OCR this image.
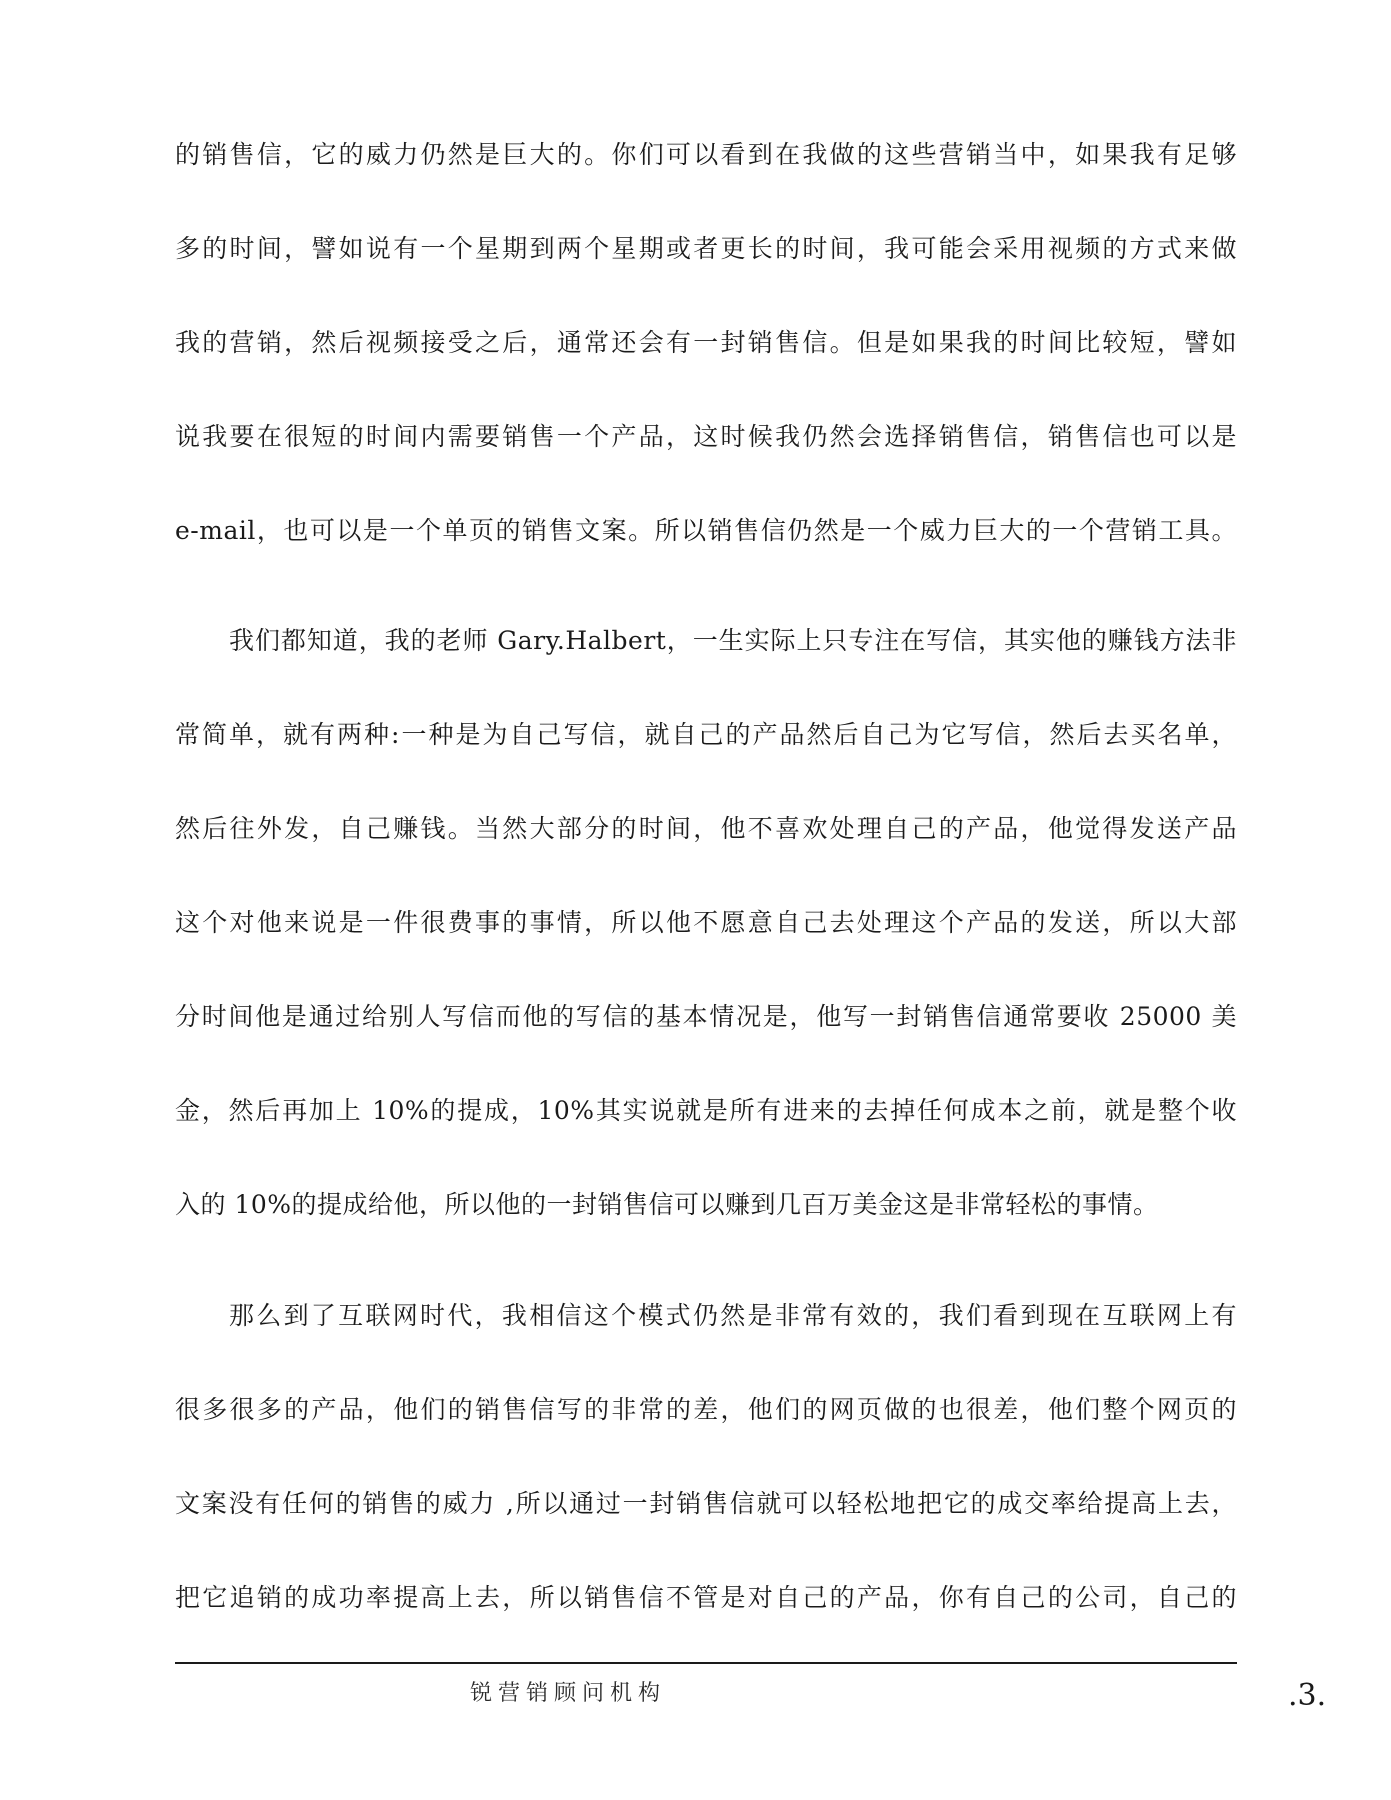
的销售信，它的威力仍然是巨大的。你们可以看到在我做的这些营销当中，如果我有足够
多的时间，譬如说有一个星期到两个星期或者更长的时间，我可能会采用视频的方式来做
我的营销，然后视频接受之后，通常还会有一封销售信。但是如果我的时间比较短，譬如
说我要在很短的时间内需要销售一个产品，这时候我仍然会选择销售信，销售信也可以是
e-mail，也可以是一个单页的销售文案。所以销售信仍然是一个威力巨大的一个营销工具。
我们都知道，我的老师 Gary.Halbert，一生实际上只专注在写信，其实他的赚钱方法非
常简单，就有两种:一种是为自己写信，就自己的产品然后自己为它写信，然后去买名单，
然后往外发，自己赚钱。当然大部分的时间，他不喜欢处理自己的产品，他觉得发送产品
这个对他来说是一件很费事的事情，所以他不愿意自己去处理这个产品的发送，所以大部
分时间他是通过给别人写信而他的写信的基本情况是，他写一封销售信通常要收 25000 美
金，然后再加上 10%的提成，10%其实说就是所有进来的去掉任何成本之前，就是整个收
入的 10%的提成给他，所以他的一封销售信可以赚到几百万美金这是非常轻松的事情。
那么到了互联网时代，我相信这个模式仍然是非常有效的，我们看到现在互联网上有
很多很多的产品，他们的销售信写的非常的差，他们的网页做的也很差，他们整个网页的
文案没有任何的销售的威力 ,所以通过一封销售信就可以轻松地把它的成交率给提高上去，
把它追销的成功率提高上去，所以销售信不管是对自己的产品，你有自己的公司，自己的
锐营销顾问机构	.3.
